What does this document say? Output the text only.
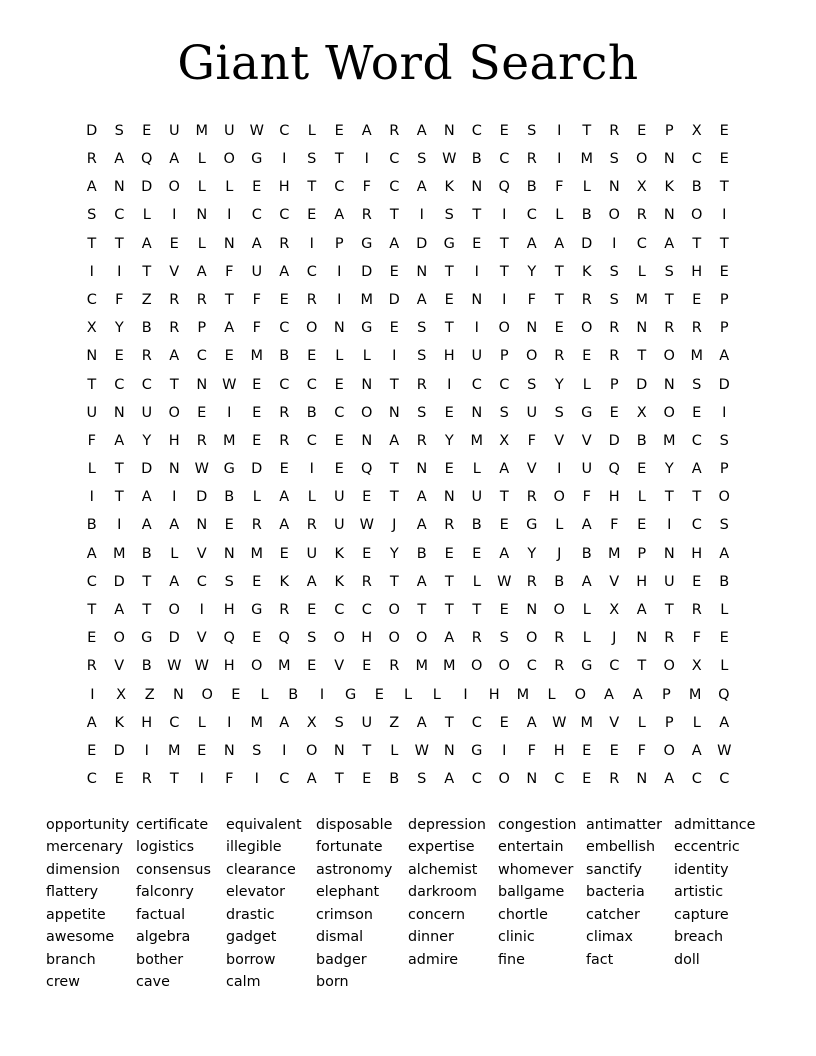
Giant Word Search
D	S	E	U	M	U	W	C	L	E	A	R	A	N	C	E	S	I	T	R	E	P	X	E
R	A	Q	A	L	O	G	I	S	T	I	C	S	W	B	C	R	I	M	S	O	N	C	E
A	N	D	O	L	L	E	H	T	C	F	C	A	K	N	Q	B	F	L	N	X	K	B	T
S	C	L	I	N	I	C	C	E	A	R	T	I	S	T	I	C	L	B	O	R	N	O	I
T	T	A	E	L	N	A	R	I	P	G	A	D	G	E	T	A	A	D	I	C	A	T	T
I	I	T	V	A	F	U	A	C	I	D	E	N	T	I	T	Y	T	K	S	L	S	H	E
C	F	Z	R	R	T	F	E	R	I	M	D	A	E	N	I	F	T	R	S	M	T	E	P
X	Y	B	R	P	A	F	C	O	N	G	E	S	T	I	O	N	E	O	R	N	R	R	P
N	E	R	A	C	E	M	B	E	L	L	I	S	H	U	P	O	R	E	R	T	O	M	A
T	C	C	T	N	W	E	C	C	E	N	T	R	I	C	C	S	Y	L	P	D	N	S	D
U	N	U	O	E	I	E	R	B	C	O	N	S	E	N	S	U	S	G	E	X	O	E	I
F	A	Y	H	R	M	E	R	C	E	N	A	R	Y	M	X	F	V	V	D	B	M	C	S
L	T	D	N	W	G	D	E	I	E	Q	T	N	E	L	A	V	I	U	Q	E	Y	A	P
I	T	A	I	D	B	L	A	L	U	E	T	A	N	U	T	R	O	F	H	L	T	T	O
B	I	A	A	N	E	R	A	R	U	W	J	A	R	B	E	G	L	A	F	E	I	C	S
A	M	B	L	V	N	M	E	U	K	E	Y	B	E	E	A	Y	J	B	M	P	N	H	A
C	D	T	A	C	S	E	K	A	K	R	T	A	T	L	W	R	B	A	V	H	U	E	B
T	A	T	O	I	H	G	R	E	C	C	O	T	T	T	E	N	O	L	X	A	T	R	L
E	O	G	D	V	Q	E	Q	S	O	H	O	O	A	R	S	O	R	L	J	N	R	F	E
R	V	B	W W	H	O	M	E	V	E	R	M	M	O	O	C	R	G	C	T	O	X	L
I	X	Z	N	O	E	L	B	I	G	E	L	L	I	H	M	L	O	A	A	P	M	Q
A	K	H	C	L	I	M	A	X	S	U	Z	A	T	C	E	A	W M	V	L	P	L	A
E	D	I	M	E	N	S	I	O	N	T	L	W	N	G	I	F	H	E	E	F	O	A	W
C	E	R	T	I	F	I	C	A	T	E	B	S	A	C	O	N	C	E	R	N	A	C	C
opportunity
mercenary
dimension
flattery
appetite
awesome
branch
crew
certificate
logistics
consensus
falconry
factual
algebra
bother
cave
equivalent
illegible
clearance
elevator
drastic
gadget
borrow
calm
disposable
fortunate
astronomy
elephant
crimson
dismal
badger
born
depression
expertise
alchemist
darkroom
concern
dinner
admire
congestion
entertain
whomever
ballgame
chortle
clinic
fine
antimatter
embellish
sanctify
bacteria
catcher
climax
fact
admittance
eccentric
identity
artistic
capture
breach
doll
